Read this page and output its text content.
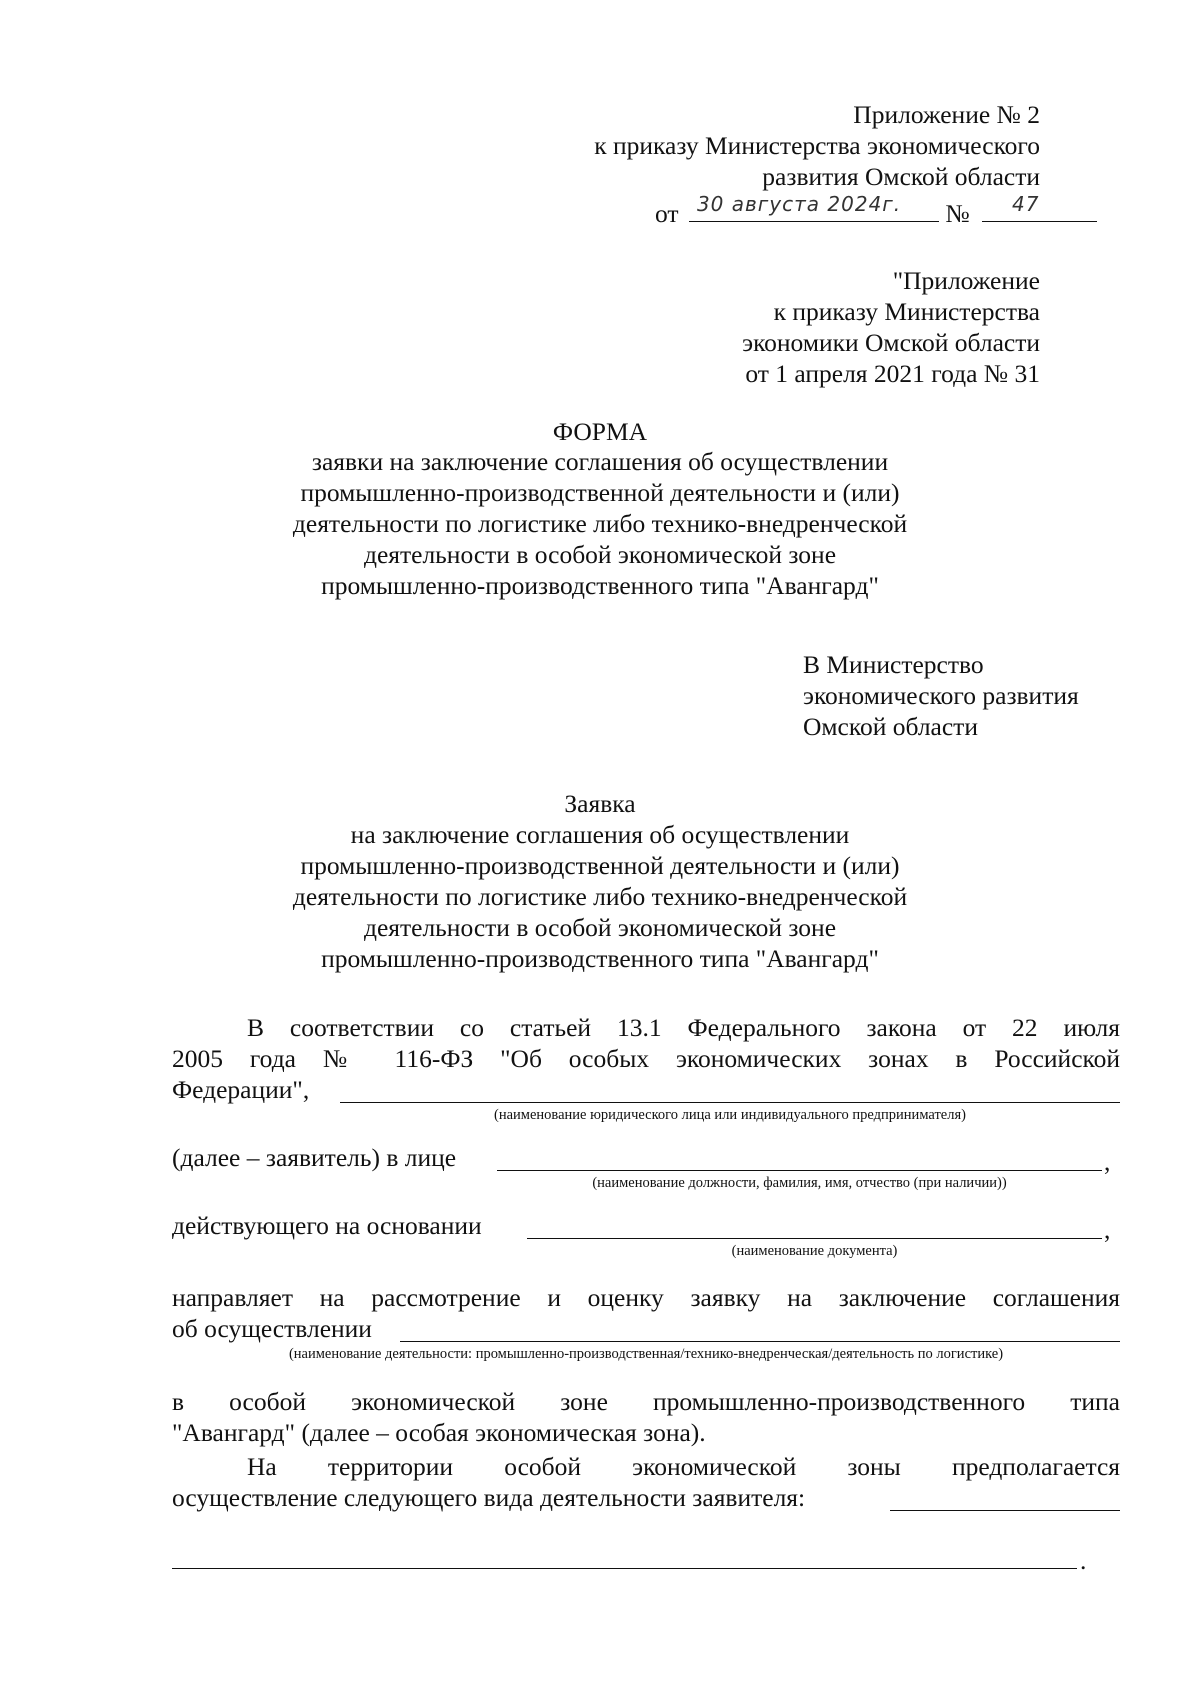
Приложение № 2
к приказу Министерства экономического
развития Омской области
от 30 августа 2024г. № 47
"Приложение
к приказу Министерства
экономики Омской области
от 1 апреля 2021 года № 31
ФОРМА
заявки на заключение соглашения об осуществлении
промышленно-производственной деятельности и (или)
деятельности по логистике либо технико-внедренческой
деятельности в особой экономической зоне
промышленно-производственного типа "Авангард"
В Министерство
экономического развития
Омской области
Заявка
на заключение соглашения об осуществлении
промышленно-производственной деятельности и (или)
деятельности по логистике либо технико-внедренческой
деятельности в особой экономической зоне
промышленно-производственного типа "Авангард"
В соответствии со статьей 13.1 Федерального закона от 22 июля
2005 года № 116-ФЗ "Об особых экономических зонах в Российской
Федерации",
(наименование юридического лица или индивидуального предпринимателя)
(далее – заявитель) в лице	,
(наименование должности, фамилия, имя, отчество (при наличии))
действующего на основании	,
(наименование документа)
направляет на рассмотрение и оценку заявку на заключение соглашения
об осуществлении
(наименование деятельности: промышленно-производственная/технико-внедренческая/деятельность по логистике)
в особой экономической зоне промышленно-производственного типа
"Авангард" (далее – особая экономическая зона).
На территории особой экономической зоны предполагается
осуществление следующего вида деятельности заявителя:
.
